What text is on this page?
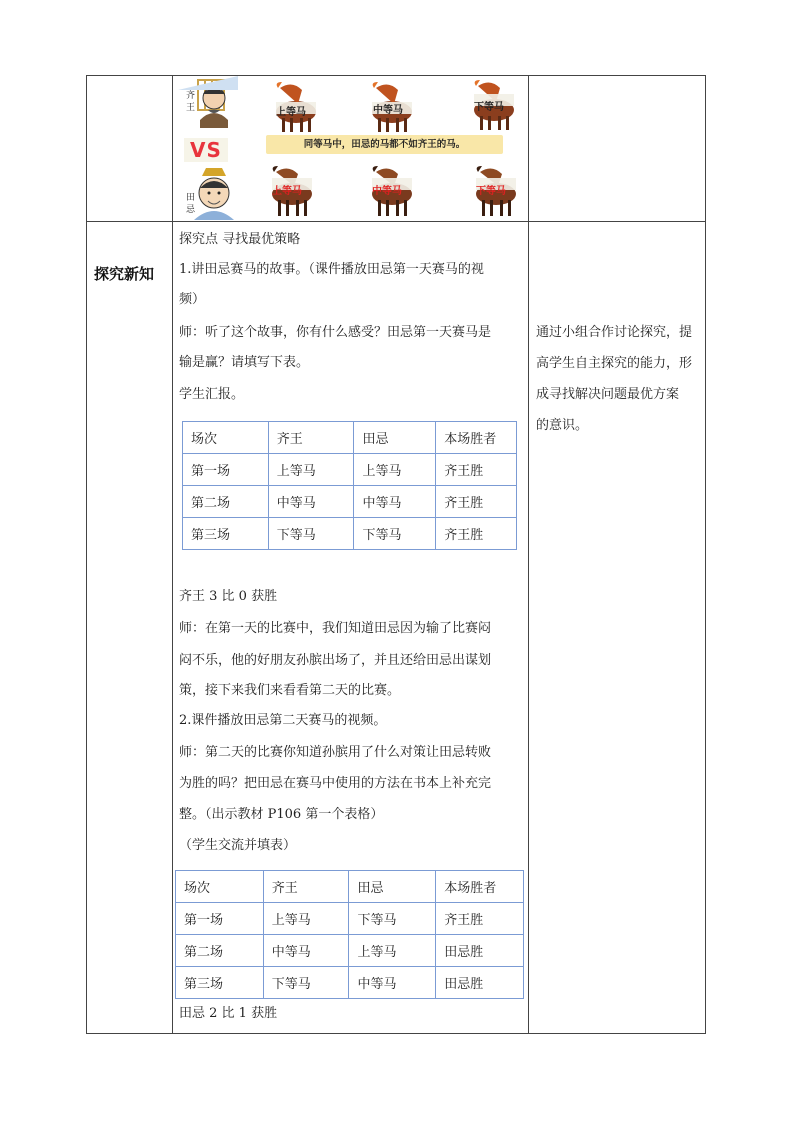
齐王
田忌
VS	同等马中，田忌的马都不如齐王的马。
上等马	中等马	下等马
上等马	中等马	下等马
探究新知
探究点 寻找最优策略
1.讲田忌赛马的故事。（课件播放田忌第一天赛马的视
频）
师：听了这个故事，你有什么感受？田忌第一天赛马是
输是赢？请填写下表。
学生汇报。
场次	齐王	田忌	本场胜者
第一场	上等马	上等马	齐王胜
第二场	中等马	中等马	齐王胜
第三场	下等马	下等马	齐王胜
齐王 3 比 0 获胜
师：在第一天的比赛中，我们知道田忌因为输了比赛闷
闷不乐，他的好朋友孙膑出场了，并且还给田忌出谋划
策，接下来我们来看看第二天的比赛。
2.课件播放田忌第二天赛马的视频。
师：第二天的比赛你知道孙膑用了什么对策让田忌转败
为胜的吗？把田忌在赛马中使用的方法在书本上补充完
整。（出示教材 P106 第一个表格）
（学生交流并填表）
场次	齐王	田忌	本场胜者
第一场	上等马	下等马	齐王胜
第二场	中等马	上等马	田忌胜
第三场	下等马	中等马	田忌胜
田忌 2 比 1 获胜
通过小组合作讨论探究，提
高学生自主探究的能力，形
成寻找解决问题最优方案
的意识。
